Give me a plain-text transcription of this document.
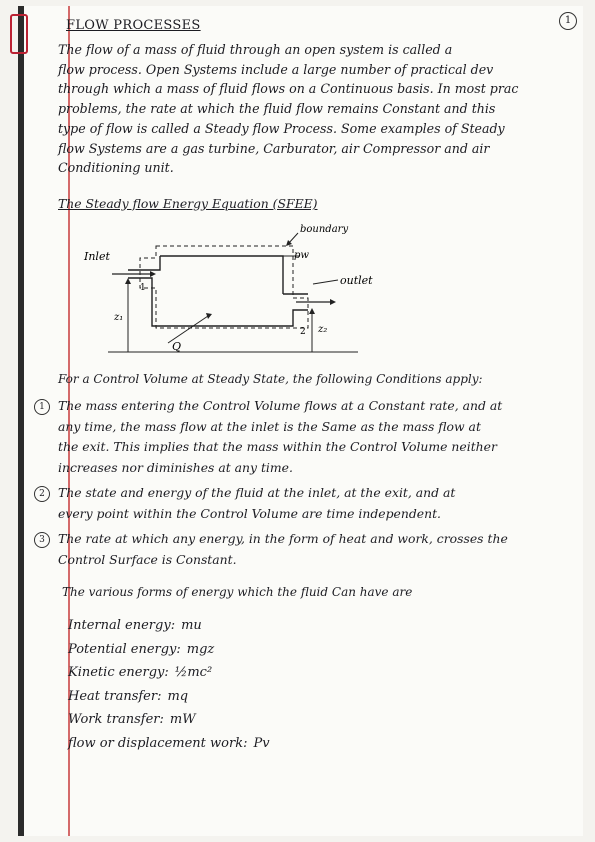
FLOW PROCESSES	1
The flow of a mass of fluid through an open system is called a
flow process. Open Systems include a large number of practical dev
through which a mass of fluid flows on a Continuous basis. In most prac
problems, the rate at which the fluid flow remains Constant and this
type of flow is called a Steady flow Process. Some examples of Steady
flow Systems are a gas turbine, Carburator, air Compressor and air
Conditioning unit.
The Steady flow Energy Equation (SFEE)
boundary
pw
Inlet
outlet
1
2
z₁
z₂
Q
For a Control Volume at Steady State, the following Conditions apply:
1	The mass entering the Control Volume flows at a Constant rate, and at
any time, the mass flow at the inlet is the Same as the mass flow at
the exit. This implies that the mass within the Control Volume neither
increases nor diminishes at any time.
2	The state and energy of the fluid at the inlet, at the exit, and at
every point within the Control Volume are time independent.
3	The rate at which any energy, in the form of heat and work, crosses the
Control Surface is Constant.
The various forms of energy which the fluid Can have are
Internal energy: mu
Potential energy: mgz
Kinetic energy: ½mc²
Heat transfer: mq
Work transfer: mW
flow or displacement work: Pv
